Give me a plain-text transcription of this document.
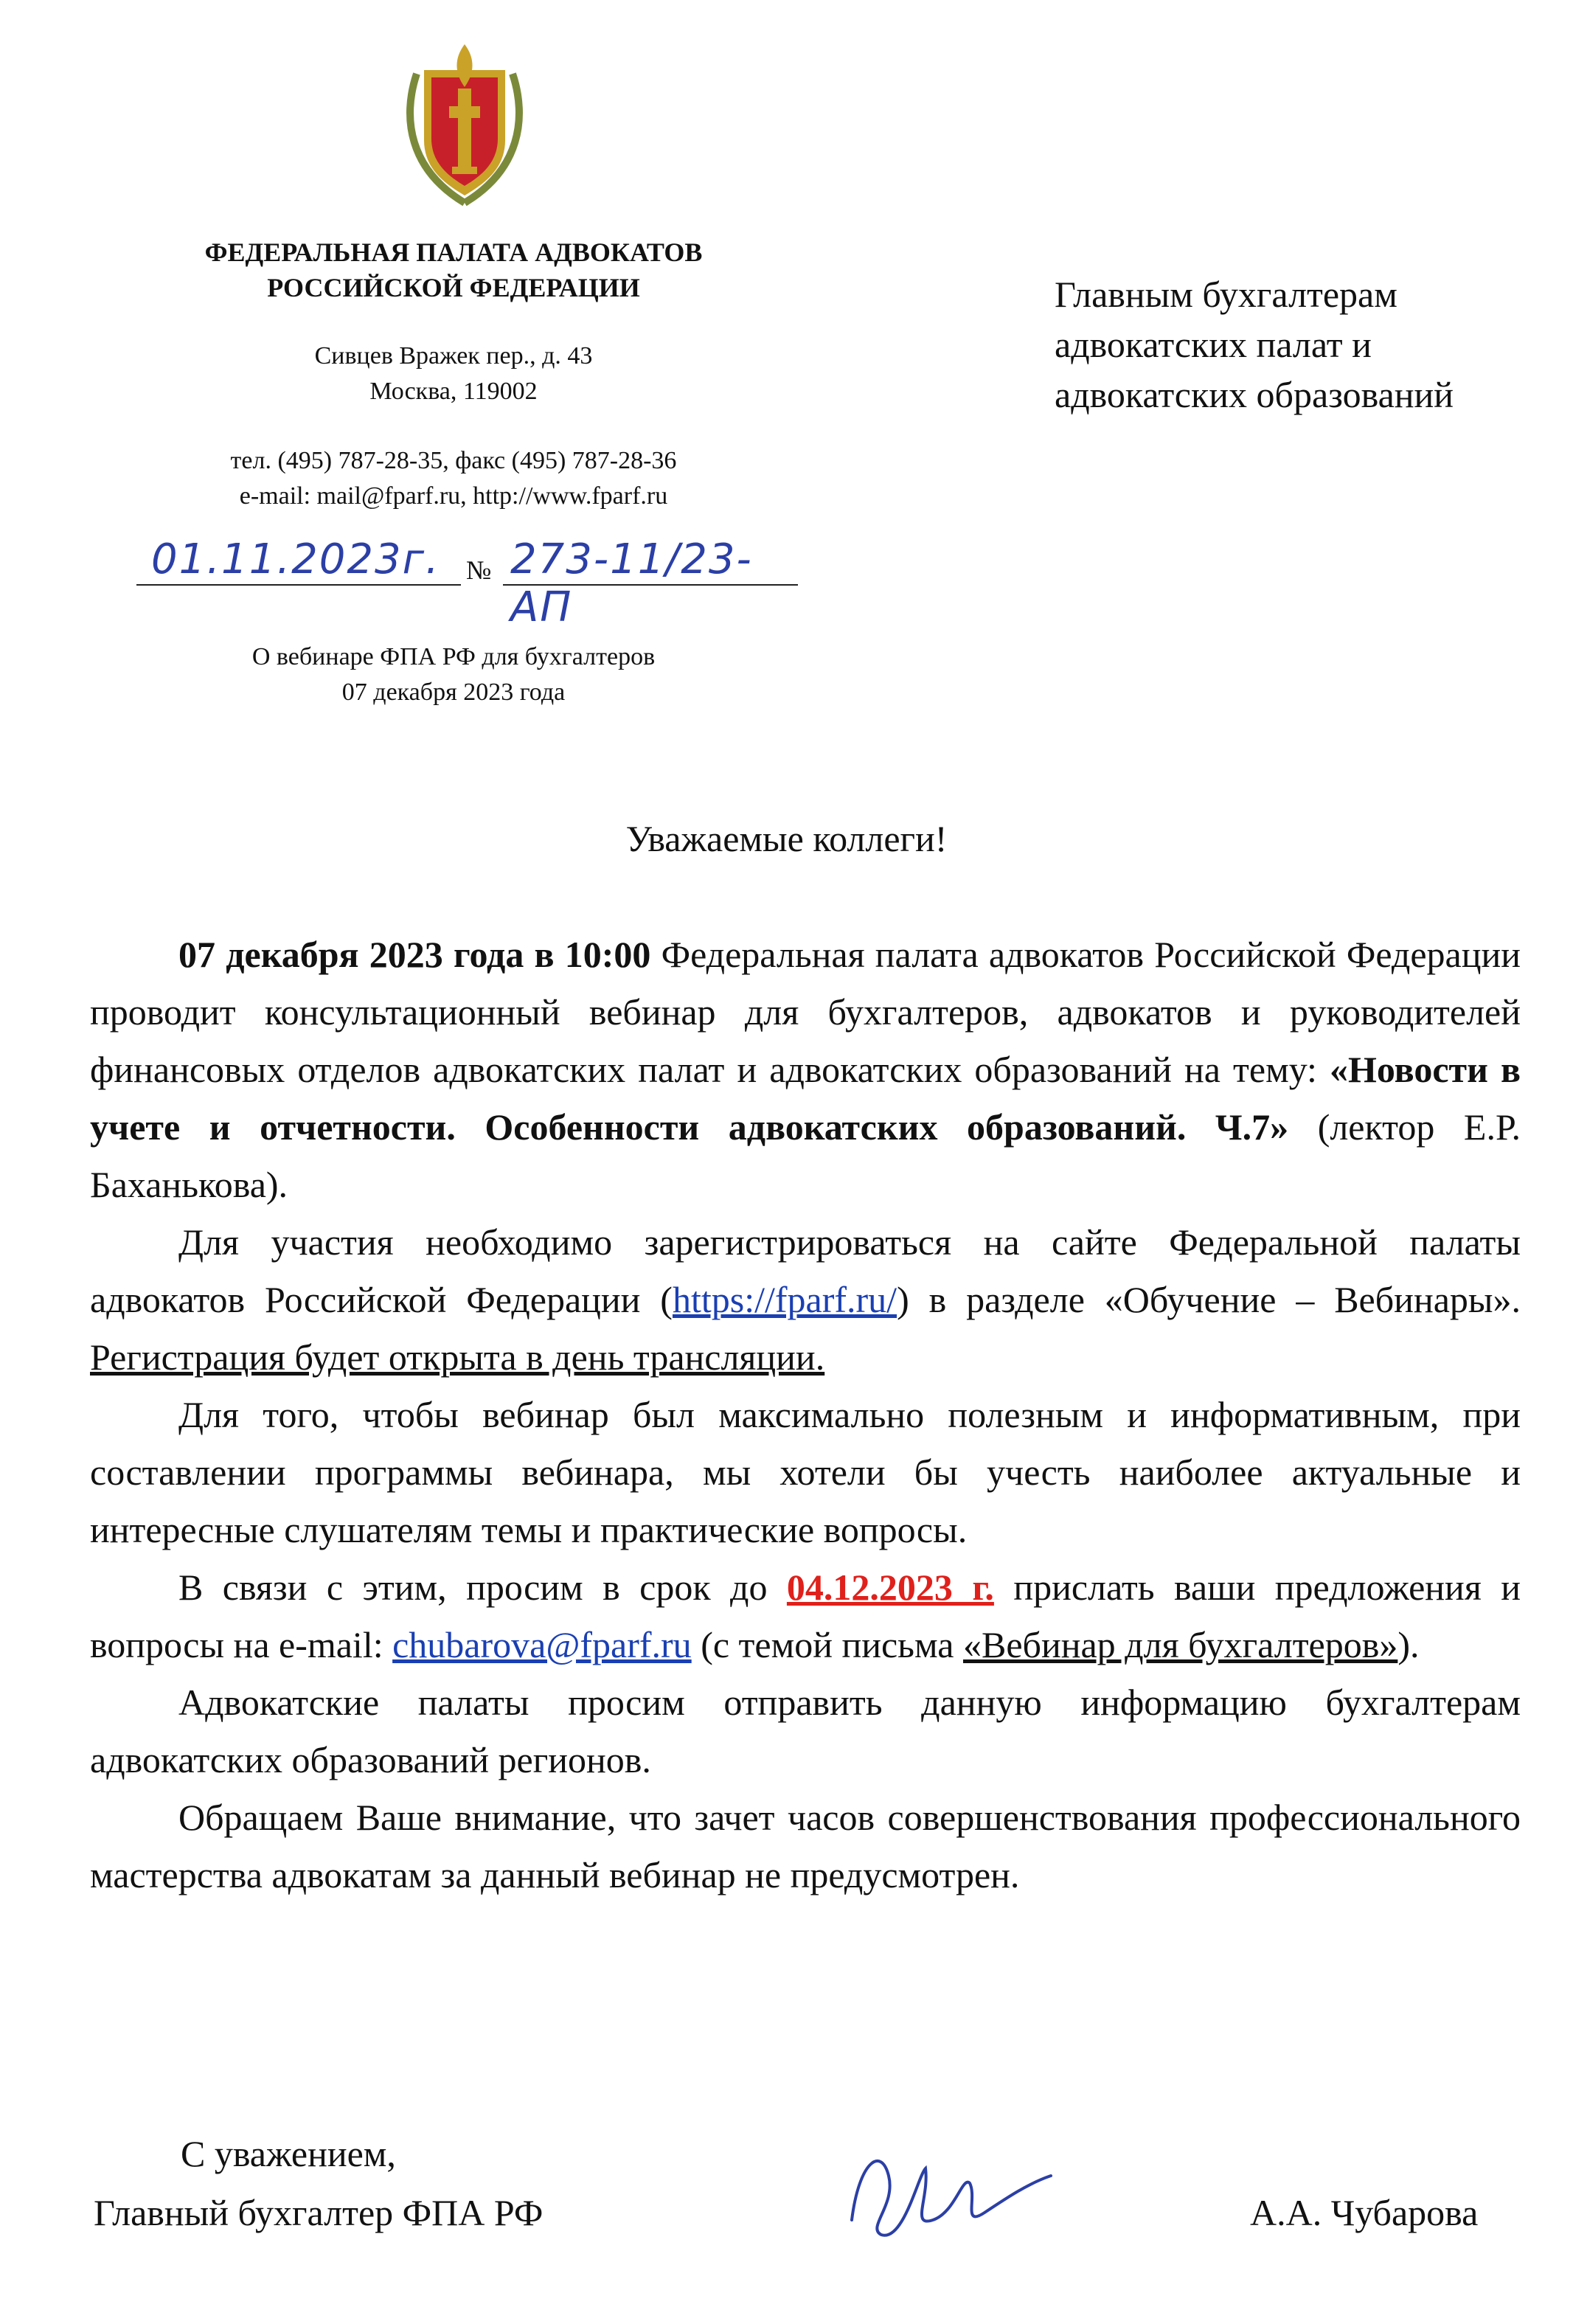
ФЕДЕРАЛЬНАЯ ПАЛАТА АДВОКАТОВ
РОССИЙСКОЙ ФЕДЕРАЦИИ
Сивцев Вражек пер., д. 43
Москва, 119002
тел. (495) 787-28-35, факс (495) 787-28-36
e-mail: mail@fparf.ru, http://www.fparf.ru
01.11.2023г. № 273-11/23-АП
О вебинаре ФПА РФ для бухгалтеров
07 декабря 2023 года
Главным бухгалтерам
адвокатских палат и
адвокатских образований
Уважаемые коллеги!

07 декабря 2023 года в 10:00 Федеральная палата адвокатов Российской Федерации проводит консультационный вебинар для бухгалтеров, адвокатов и руководителей финансовых отделов адвокатских палат и адвокатских образований на тему: «Новости в учете и отчетности. Особенности адвокатских образований. Ч.7» (лектор Е.Р. Баханькова).

Для участия необходимо зарегистрироваться на сайте Федеральной палаты адвокатов Российской Федерации (https://fparf.ru/) в разделе «Обучение – Вебинары». Регистрация будет открыта в день трансляции.

Для того, чтобы вебинар был максимально полезным и информативным, при составлении программы вебинара, мы хотели бы учесть наиболее актуальные и интересные слушателям темы и практические вопросы.

В связи с этим, просим в срок до 04.12.2023 г. прислать ваши предложения и вопросы на e-mail: chubarova@fparf.ru (с темой письма «Вебинар для бухгалтеров»).

Адвокатские палаты просим отправить данную информацию бухгалтерам адвокатских образований регионов.

Обращаем Ваше внимание, что зачет часов совершенствования профессионального мастерства адвокатам за данный вебинар не предусмотрен.

С уважением,
Главный бухгалтер ФПА РФ	А.А. Чубарова
